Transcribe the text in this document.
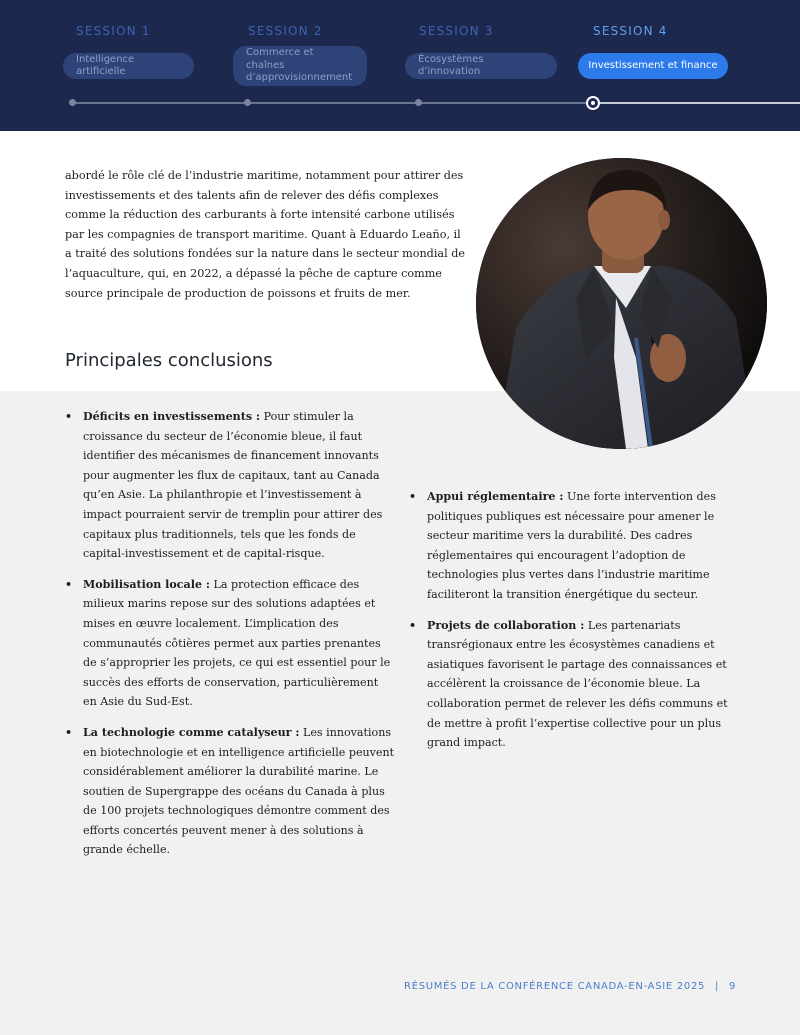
SESSION 1	SESSION 2	SESSION 3	SESSION 4
Intelligence artificielle
Commerce et chaînes d’approvisionnement
Écosystèmes d’innovation
Investissement et finance

abordé le rôle clé de l’industrie maritime, notamment pour attirer des investissements et des talents afin de relever des défis complexes comme la réduction des carburants à forte intensité carbone utilisés par les compagnies de transport maritime. Quant à Eduardo Leaño, il a traité des solutions fondées sur la nature dans le secteur mondial de l’aquaculture, qui, en 2022, a dépassé la pêche de capture comme source principale de production de poissons et fruits de mer.

Principales conclusions
• Déficits en investissements : Pour stimuler la croissance du secteur de l’économie bleue, il faut identifier des mécanismes de financement innovants pour augmenter les flux de capitaux, tant au Canada qu’en Asie. La philanthropie et l’investissement à impact pourraient servir de tremplin pour attirer des capitaux plus traditionnels, tels que les fonds de capital-investissement et de capital-risque.
• Mobilisation locale : La protection efficace des milieux marins repose sur des solutions adaptées et mises en œuvre localement. L’implication des communautés côtières permet aux parties prenantes de s’approprier les projets, ce qui est essentiel pour le succès des efforts de conservation, particulièrement en Asie du Sud-Est.
• La technologie comme catalyseur : Les innovations en biotechnologie et en intelligence artificielle peuvent considérablement améliorer la durabilité marine. Le soutien de Supergrappe des océans du Canada à plus de 100 projets technologiques démontre comment des efforts concertés peuvent mener à des solutions à grande échelle.
• Appui réglementaire : Une forte intervention des politiques publiques est nécessaire pour amener le secteur maritime vers la durabilité. Des cadres réglementaires qui encouragent l’adoption de technologies plus vertes dans l’industrie maritime faciliteront la transition énergétique du secteur.
• Projets de collaboration : Les partenariats transrégionaux entre les écosystèmes canadiens et asiatiques favorisent le partage des connaissances et accélèrent la croissance de l’économie bleue. La collaboration permet de relever les défis communs et de mettre à profit l’expertise collective pour un plus grand impact.
RÉSUMÉS DE LA CONFÉRENCE CANADA-EN-ASIE 2025 | 9
